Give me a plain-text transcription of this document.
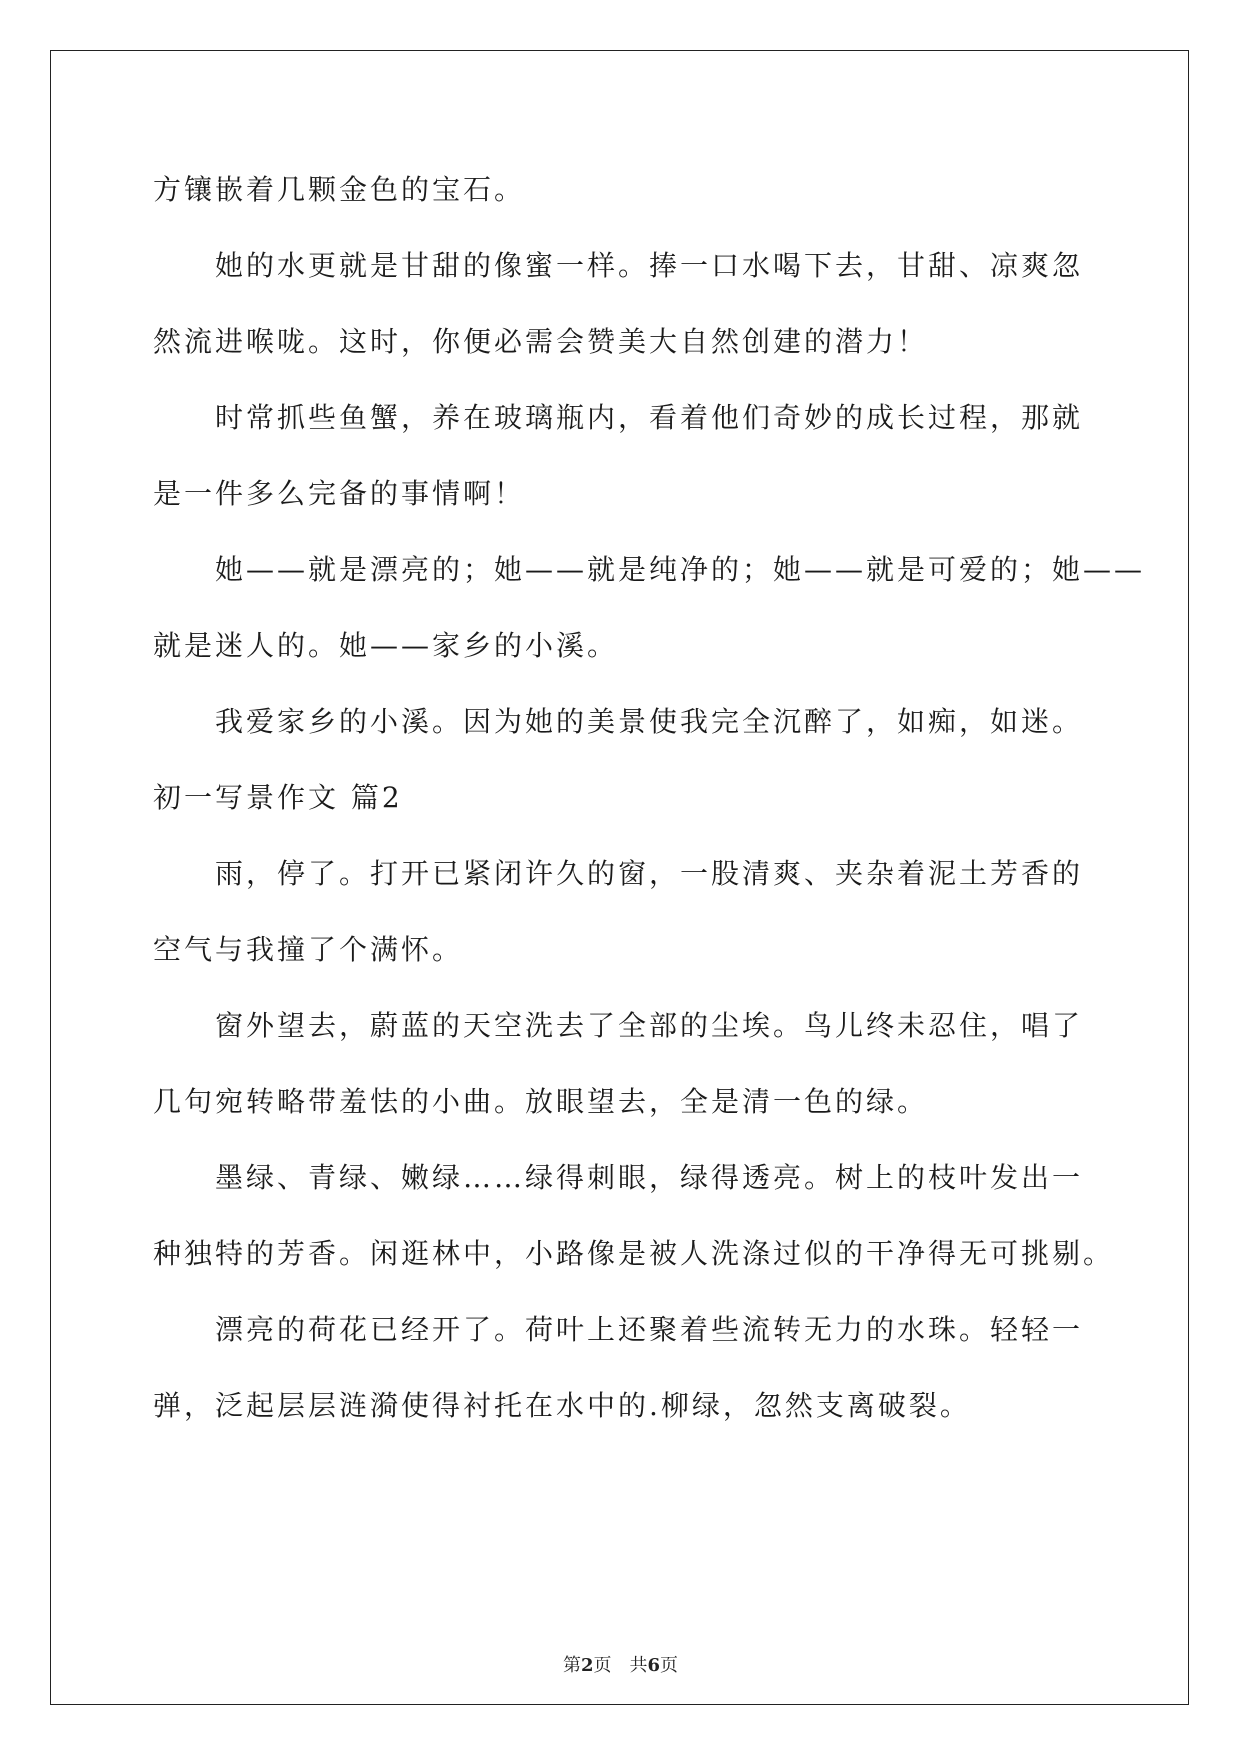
方镶嵌着几颗金色的宝石。
她的水更就是甘甜的像蜜一样。捧一口水喝下去，甘甜、凉爽忽
然流进喉咙。这时，你便必需会赞美大自然创建的潜力！
时常抓些鱼蟹，养在玻璃瓶内，看着他们奇妙的成长过程，那就
是一件多么完备的事情啊！
她——就是漂亮的；她——就是纯净的；她——就是可爱的；她——
就是迷人的。她——家乡的小溪。
我爱家乡的小溪。因为她的美景使我完全沉醉了，如痴，如迷。
初一写景作文 篇2
雨，停了。打开已紧闭许久的窗，一股清爽、夹杂着泥土芳香的
空气与我撞了个满怀。
窗外望去，蔚蓝的天空洗去了全部的尘埃。鸟儿终未忍住，唱了
几句宛转略带羞怯的小曲。放眼望去，全是清一色的绿。
墨绿、青绿、嫩绿……绿得刺眼，绿得透亮。树上的枝叶发出一
种独特的芳香。闲逛林中，小路像是被人洗涤过似的干净得无可挑剔。
漂亮的荷花已经开了。荷叶上还聚着些流转无力的水珠。轻轻一
弹，泛起层层涟漪使得衬托在水中的.柳绿，忽然支离破裂。
第2页 共6页
